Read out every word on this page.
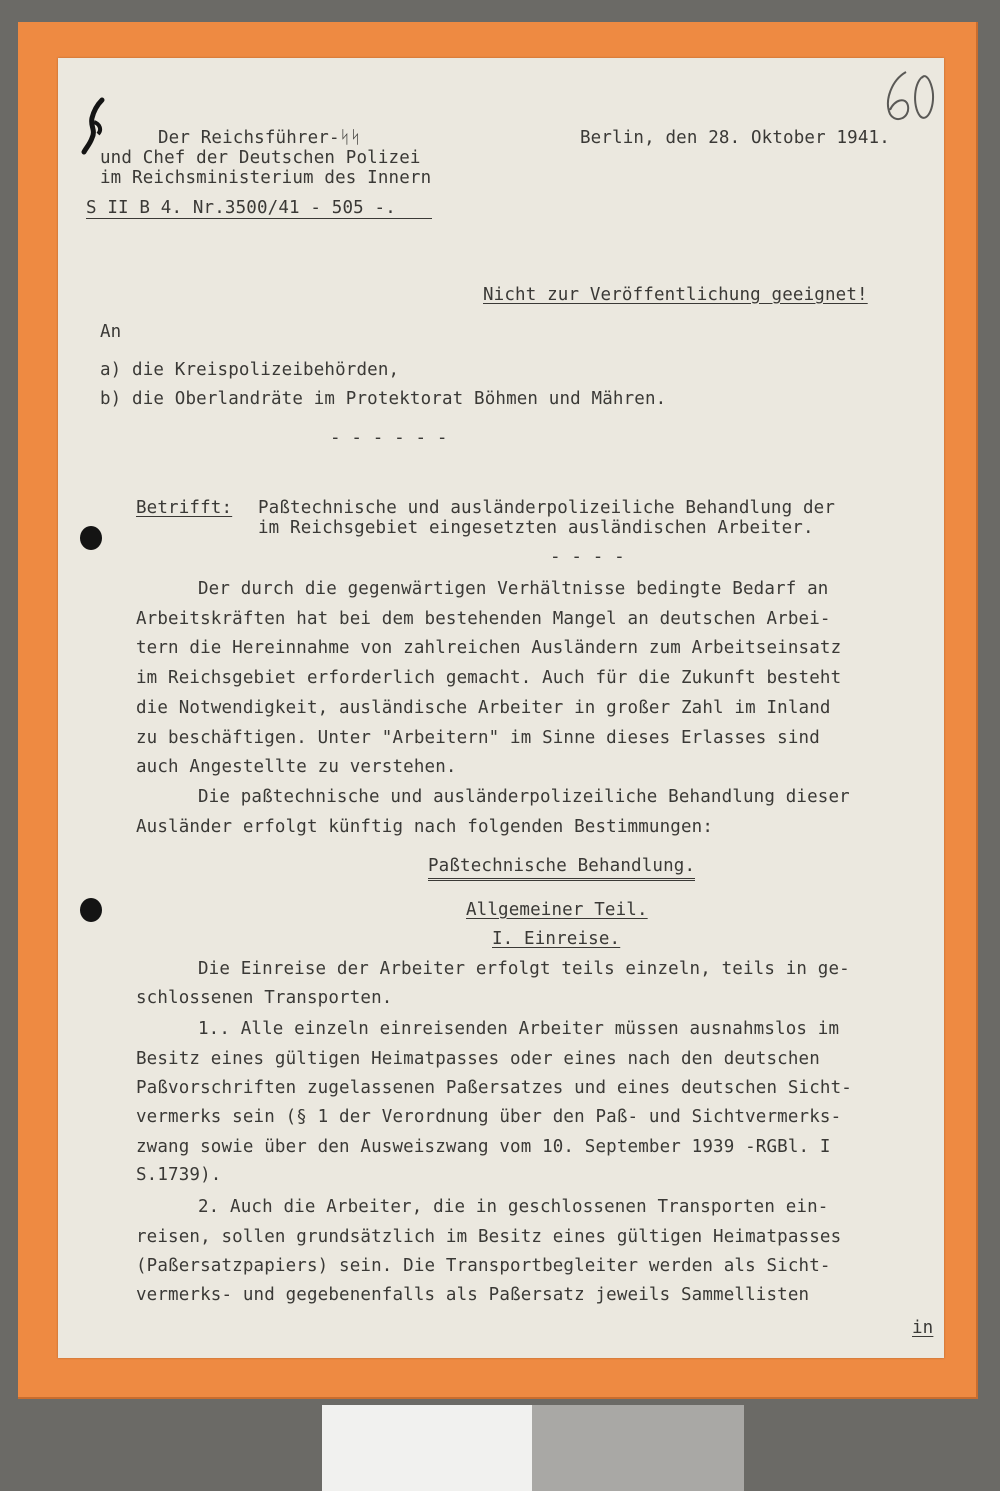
Der Reichsführer-ᛋᛋ
und Chef der Deutschen Polizei
im Reichsministerium des Innern
S II B 4. Nr.3500/41 - 505 -.
Berlin, den 28. Oktober 1941.
Nicht zur Veröffentlichung geeignet!
An
a) die Kreispolizeibehörden,
b) die Oberlandräte im Protektorat Böhmen und Mähren.
- - - - - -
Betrifft: Paßtechnische und ausländerpolizeiliche Behandlung der
im Reichsgebiet eingesetzten ausländischen Arbeiter.
- - - -
Der durch die gegenwärtigen Verhältnisse bedingte Bedarf an
Arbeitskräften hat bei dem bestehenden Mangel an deutschen Arbei-
tern die Hereinnahme von zahlreichen Ausländern zum Arbeitseinsatz
im Reichsgebiet erforderlich gemacht. Auch für die Zukunft besteht
die Notwendigkeit, ausländische Arbeiter in großer Zahl im Inland
zu beschäftigen. Unter "Arbeitern" im Sinne dieses Erlasses sind
auch Angestellte zu verstehen.
Die paßtechnische und ausländerpolizeiliche Behandlung dieser
Ausländer erfolgt künftig nach folgenden Bestimmungen:
Paßtechnische Behandlung.
Allgemeiner Teil.
I. Einreise.
Die Einreise der Arbeiter erfolgt teils einzeln, teils in ge-
schlossenen Transporten.
1.. Alle einzeln einreisenden Arbeiter müssen ausnahmslos im
Besitz eines gültigen Heimatpasses oder eines nach den deutschen
Paßvorschriften zugelassenen Paßersatzes und eines deutschen Sicht-
vermerks sein (§ 1 der Verordnung über den Paß- und Sichtvermerks-
zwang sowie über den Ausweiszwang vom 10. September 1939 -RGBl. I
S.1739).
2. Auch die Arbeiter, die in geschlossenen Transporten ein-
reisen, sollen grundsätzlich im Besitz eines gültigen Heimatpasses
(Paßersatzpapiers) sein. Die Transportbegleiter werden als Sicht-
vermerks- und gegebenenfalls als Paßersatz jeweils Sammellisten
in
